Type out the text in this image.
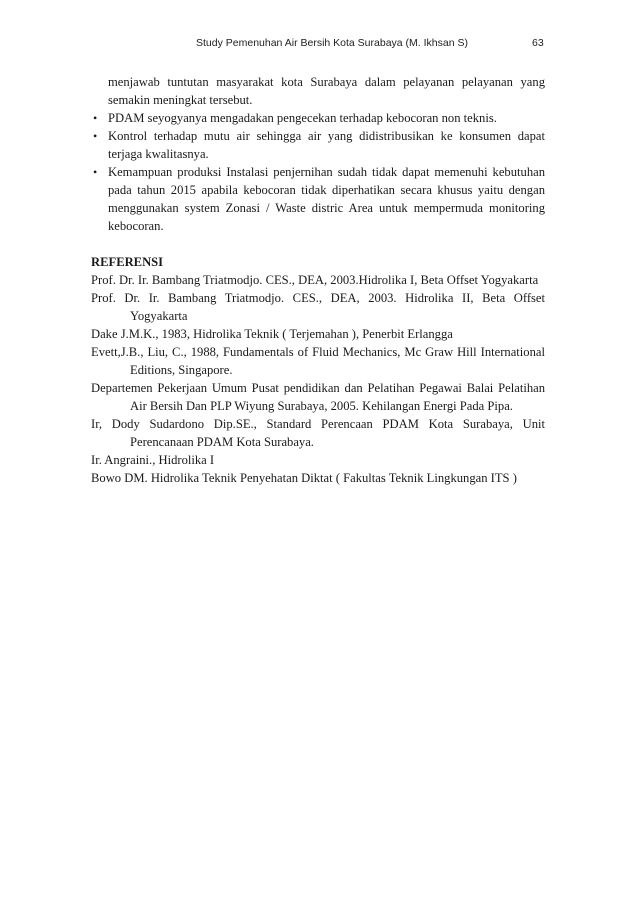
Study Pemenuhan Air Bersih Kota Surabaya (M. Ikhsan S)	63
menjawab tuntutan masyarakat kota Surabaya dalam pelayanan pelayanan yang semakin meningkat tersebut.
• PDAM seyogyanya mengadakan pengecekan terhadap kebocoran non teknis.
• Kontrol terhadap mutu air sehingga air yang didistribusikan ke konsumen dapat terjaga kwalitasnya.
• Kemampuan produksi Instalasi penjernihan sudah tidak dapat memenuhi kebutuhan pada tahun 2015 apabila kebocoran tidak diperhatikan secara khusus yaitu dengan menggunakan system Zonasi / Waste distric Area untuk mempermuda monitoring kebocoran.
REFERENSI
Prof. Dr. Ir. Bambang Triatmodjo. CES., DEA, 2003.Hidrolika I, Beta Offset Yogyakarta
Prof. Dr. Ir. Bambang Triatmodjo. CES., DEA, 2003. Hidrolika II, Beta Offset Yogyakarta
Dake J.M.K., 1983, Hidrolika Teknik ( Terjemahan ), Penerbit Erlangga
Evett,J.B., Liu, C., 1988, Fundamentals of Fluid Mechanics, Mc Graw Hill International Editions, Singapore.
Departemen Pekerjaan Umum Pusat pendidikan dan Pelatihan Pegawai Balai Pelatihan Air Bersih Dan PLP Wiyung Surabaya, 2005. Kehilangan Energi Pada Pipa.
Ir, Dody Sudardono Dip.SE., Standard Perencaan PDAM Kota Surabaya, Unit Perencanaan PDAM Kota Surabaya.
Ir. Angraini., Hidrolika I
Bowo DM. Hidrolika Teknik Penyehatan Diktat ( Fakultas Teknik Lingkungan ITS )
